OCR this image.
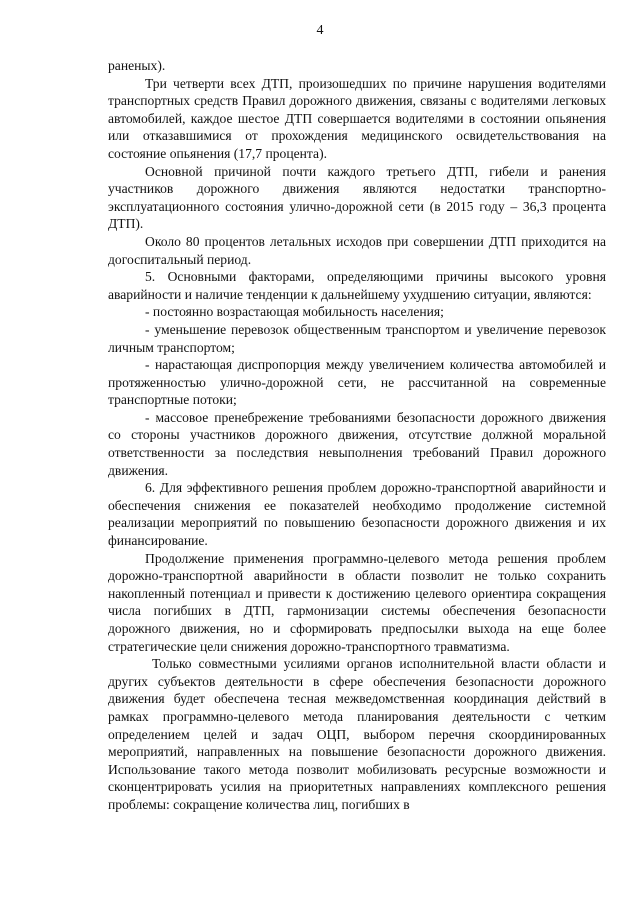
4

раненых).

Три четверти всех ДТП, произошедших по причине нарушения водителями транспортных средств Правил дорожного движения, связаны с водителями легковых автомобилей, каждое шестое ДТП совершается водителями в состоянии опьянения или отказавшимися от прохождения медицинского освидетельствования на состояние опьянения (17,7 процента).

Основной причиной почти каждого третьего ДТП, гибели и ранения участников дорожного движения являются недостатки транспортно-эксплуатационного состояния улично-дорожной сети (в 2015 году – 36,3 процента ДТП).

Около 80 процентов летальных исходов при совершении ДТП приходится на догоспитальный период.

5. Основными факторами, определяющими причины высокого уровня аварийности и наличие тенденции к дальнейшему ухудшению ситуации, являются:

- постоянно возрастающая мобильность населения;

- уменьшение перевозок общественным транспортом и увеличение перевозок личным транспортом;

- нарастающая диспропорция между увеличением количества автомобилей и протяженностью улично-дорожной сети, не рассчитанной на современные транспортные потоки;

- массовое пренебрежение требованиями безопасности дорожного движения со стороны участников дорожного движения, отсутствие должной моральной ответственности за последствия невыполнения требований Правил дорожного движения.

6. Для эффективного решения проблем дорожно-транспортной аварийности и обеспечения снижения ее показателей необходимо продолжение системной реализации мероприятий по повышению безопасности дорожного движения и их финансирование.

Продолжение применения программно-целевого метода решения проблем дорожно-транспортной аварийности в области позволит не только сохранить накопленный потенциал и привести к достижению целевого ориентира сокращения числа погибших в ДТП, гармонизации системы обеспечения безопасности дорожного движения, но и сформировать предпосылки выхода на еще более стратегические цели снижения дорожно-транспортного травматизма.

Только совместными усилиями органов исполнительной власти области и других субъектов деятельности в сфере обеспечения безопасности дорожного движения будет обеспечена тесная межведомственная координация действий в рамках программно-целевого метода планирования деятельности с четким определением целей и задач ОЦП, выбором перечня скоординированных мероприятий, направленных на повышение безопасности дорожного движения. Использование такого метода позволит мобилизовать ресурсные возможности и сконцентрировать усилия на приоритетных направлениях комплексного решения проблемы: сокращение количества лиц, погибших в
